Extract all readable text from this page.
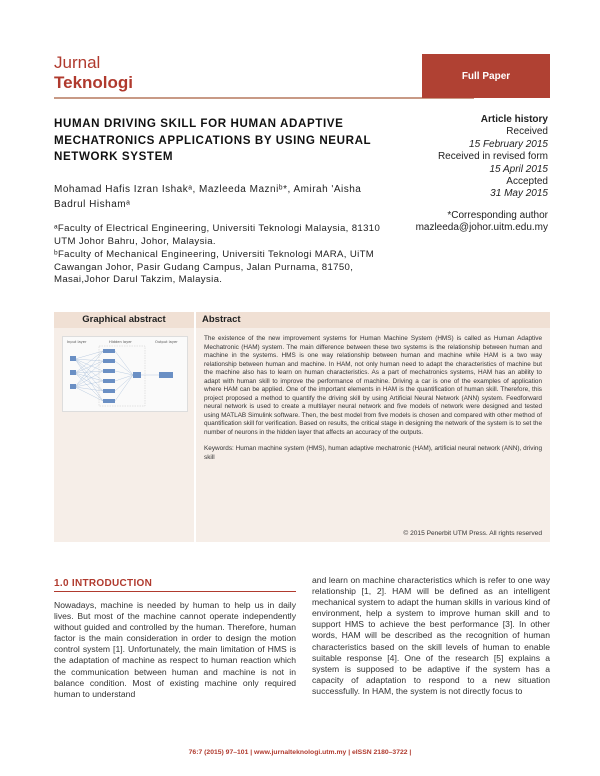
Jurnal
Teknologi	Full Paper
HUMAN DRIVING SKILL FOR HUMAN ADAPTIVE MECHATRONICS APPLICATIONS BY USING NEURAL NETWORK SYSTEM
Article history
Received
15 February 2015
Received in revised form
15 April 2015
Accepted
31 May 2015
Mohamad Hafis Izran Ishakᵃ, Mazleeda Mazniᵇ*, Amirah 'Aisha Badrul Hishamᵃ
*Corresponding author
mazleeda@johor.uitm.edu.my

ᵃFaculty of Electrical Engineering, Universiti Teknologi Malaysia, 81310 UTM Johor Bahru, Johor, Malaysia.

ᵇFaculty of Mechanical Engineering, Universiti Teknologi MARA, UiTM Cawangan Johor, Pasir Gudang Campus, Jalan Purnama, 81750, Masai,Johor Darul Takzim, Malaysia.

Graphical abstract
Input layer	Hidden layer	Output layer
Abstract

The existence of the new improvement systems for Human Machine System (HMS) is called as Human Adaptive Mechatronic (HAM) system. The main difference between these two systems is the relationship between human and machine in the systems. HMS is one way relationship between human and machine while HAM is a two way relationship between human and machine. In HAM, not only human need to adapt the characteristics of machine but the machine also has to learn on human characteristics. As a part of mechatronics systems, HAM has an ability to adapt with human skill to improve the performance of machine. Driving a car is one of the examples of application where HAM can be applied. One of the important elements in HAM is the quantification of human skill. Therefore, this project proposed a method to quantify the driving skill by using Artificial Neural Network (ANN) system. Feedforward neural network is used to create a multilayer neural network and five models of network were designed and tested using MATLAB Simulink software. Then, the best model from five models is chosen and compared with other method of quantification skill for verification. Based on results, the critical stage in designing the network of the system is to set the number of neurons in the hidden layer that affects an accuracy of the outputs.

Keywords: Human machine system (HMS), human adaptive mechatronic (HAM), artificial neural network (ANN), driving skill

© 2015 Penerbit UTM Press. All rights reserved
1.0 INTRODUCTION
Nowadays, machine is needed by human to help us in daily lives. But most of the machine cannot operate independently without guided and controlled by the human. Therefore, human factor is the main consideration in order to design the motion control system [1]. Unfortunately, the main limitation of HMS is the adaptation of machine as respect to human reaction which the communication between human and machine is not in balance condition. Most of existing machine only required human to understand
and learn on machine characteristics which is refer to one way relationship [1, 2]. HAM will be defined as an intelligent mechanical system to adapt the human skills in various kind of environment, help a system to improve human skill and to support HMS to achieve the best performance [3]. In other words, HAM will be described as the recognition of human characteristics based on the skill levels of human to enable suitable response [4]. One of the research [5] explains a system is supposed to be adaptive if the system has a capacity of adaptation to respond to a new situation successfully. In HAM, the system is not directly focus to
76:7 (2015) 97–101 | www.jurnalteknologi.utm.my | eISSN 2180–3722 |
